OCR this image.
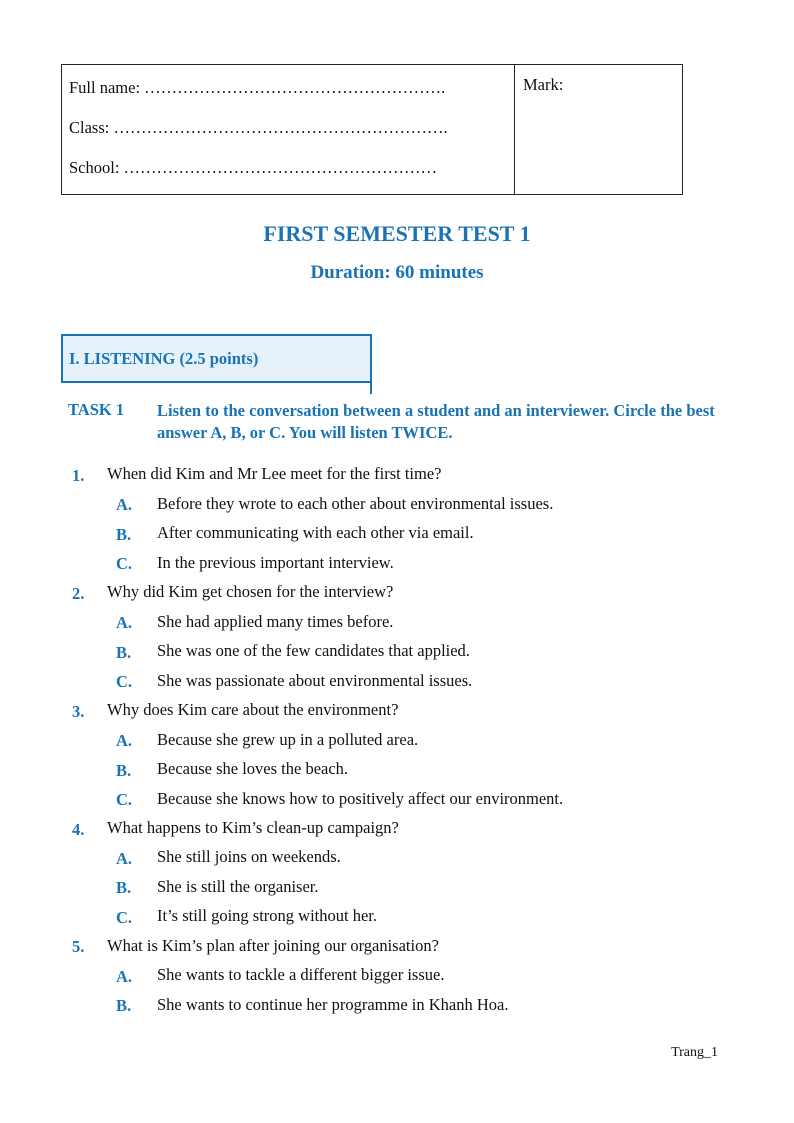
Full name: ……………………………………………….
Class: …………………………………………………….
School: …………………………………………………
Mark:
FIRST SEMESTER TEST 1
Duration: 60 minutes
I. LISTENING (2.5 points)
TASK 1 Listen to the conversation between a student and an interviewer. Circle the best answer A, B, or C. You will listen TWICE.
1. When did Kim and Mr Lee meet for the first time?
A. Before they wrote to each other about environmental issues.
B. After communicating with each other via email.
C. In the previous important interview.
2. Why did Kim get chosen for the interview?
A. She had applied many times before.
B. She was one of the few candidates that applied.
C. She was passionate about environmental issues.
3. Why does Kim care about the environment?
A. Because she grew up in a polluted area.
B. Because she loves the beach.
C. Because she knows how to positively affect our environment.
4. What happens to Kim’s clean-up campaign?
A. She still joins on weekends.
B. She is still the organiser.
C. It’s still going strong without her.
5. What is Kim’s plan after joining our organisation?
A. She wants to tackle a different bigger issue.
B. She wants to continue her programme in Khanh Hoa.
Trang_1
